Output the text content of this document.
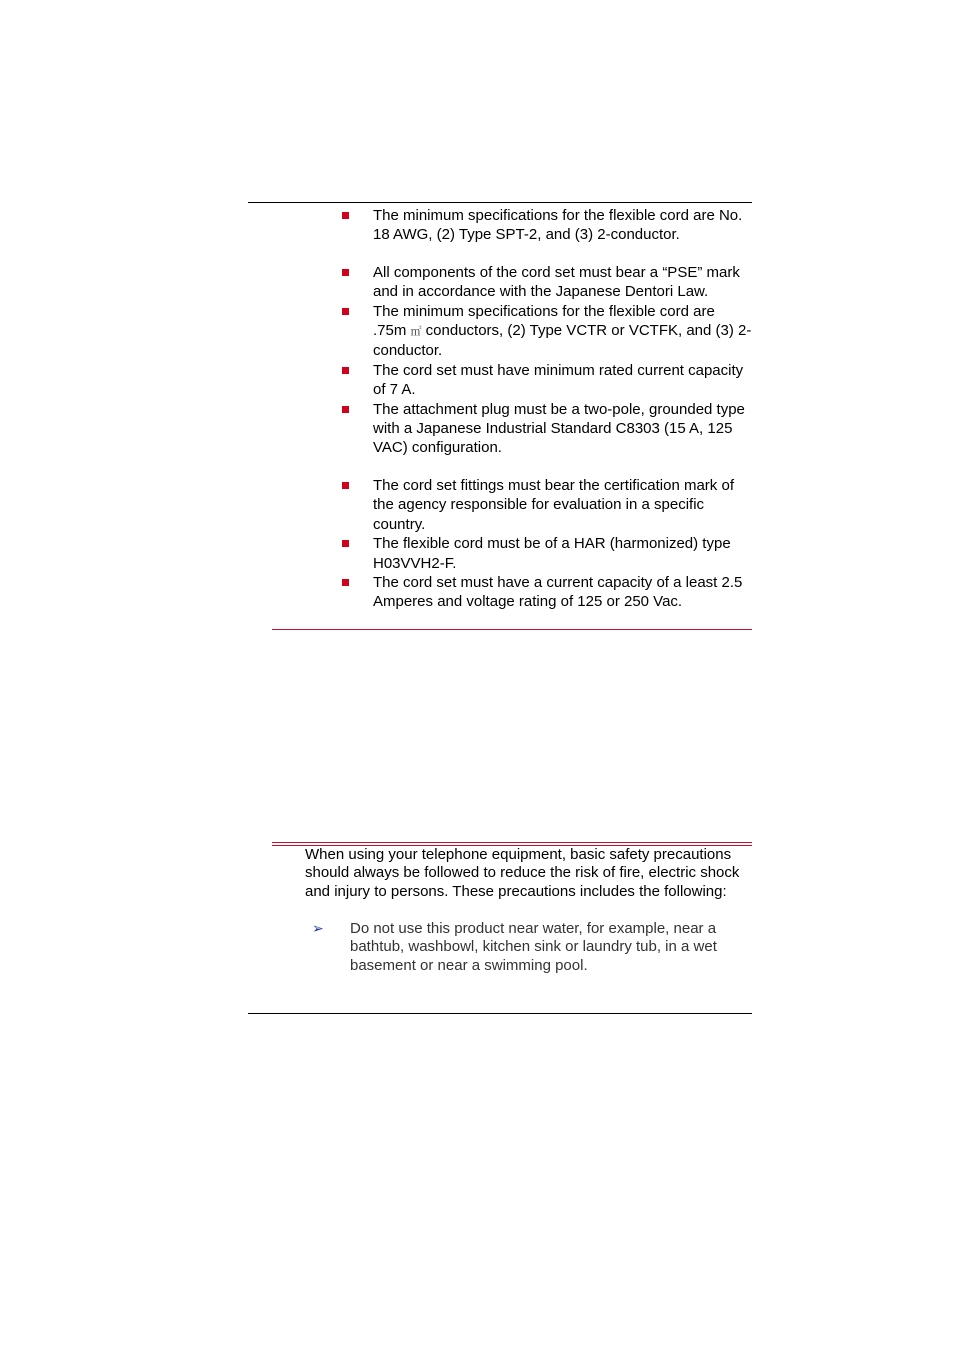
The minimum specifications for the flexible cord are No. 18 AWG, (2) Type SPT-2, and (3) 2-conductor.
All components of the cord set must bear a “PSE” mark and in accordance with the Japanese Dentori Law.
The minimum specifications for the flexible cord are .75m ㎡ conductors, (2) Type VCTR or VCTFK, and (3) 2-conductor.
The cord set must have minimum rated current capacity of 7 A.
The attachment plug must be a two-pole, grounded type with a Japanese Industrial Standard C8303 (15 A, 125 VAC) configuration.
The cord set fittings must bear the certification mark of the agency responsible for evaluation in a specific country.
The flexible cord must be of a HAR (harmonized) type H03VVH2-F.
The cord set must have a current capacity of a least 2.5 Amperes and voltage rating of 125 or 250 Vac.

When using your telephone equipment, basic safety precautions should always be followed to reduce the risk of fire, electric shock and injury to persons. These precautions includes the following:

➢ Do not use this product near water, for example, near a bathtub, washbowl, kitchen sink or laundry tub, in a wet basement or near a swimming pool.
